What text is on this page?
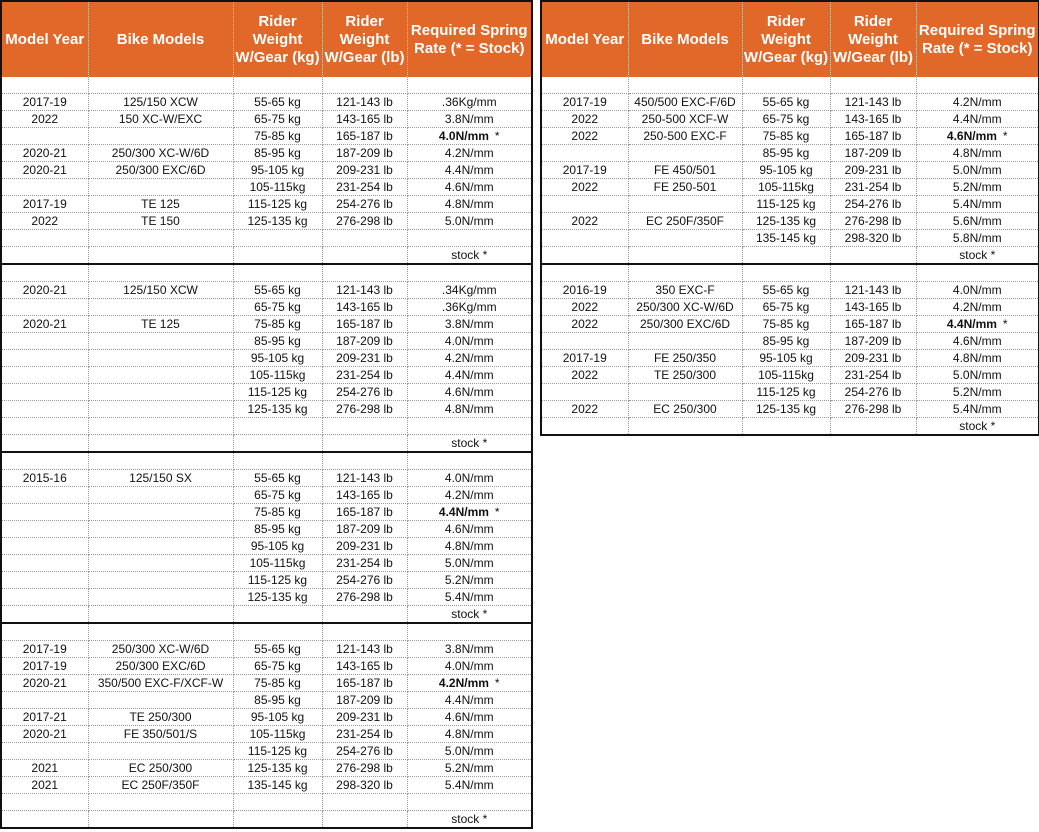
Model Year	Bike Models	Rider Weight W/Gear (kg)	Rider Weight W/Gear (lb)	Required Spring Rate (* = Stock)

2017-19	125/150 XCW	55-65 kg	121-143 lb	.36Kg/mm
2022	150 XC-W/EXC	65-75 kg	143-165 lb	3.8N/mm
		75-85 kg	165-187 lb	4.0N/mm *
2020-21	250/300 XC-W/6D	85-95 kg	187-209 lb	4.2N/mm
2020-21	250/300 EXC/6D	95-105 kg	209-231 lb	4.4N/mm
		105-115kg	231-254 lb	4.6N/mm
2017-19	TE 125	115-125 kg	254-276 lb	4.8N/mm
2022	TE 150	125-135 kg	276-298 lb	5.0N/mm

				stock *

2020-21	125/150 XCW	55-65 kg	121-143 lb	.34Kg/mm
		65-75 kg	143-165 lb	.36Kg/mm
2020-21	TE 125	75-85 kg	165-187 lb	3.8N/mm
		85-95 kg	187-209 lb	4.0N/mm
		95-105 kg	209-231 lb	4.2N/mm
		105-115kg	231-254 lb	4.4N/mm
		115-125 kg	254-276 lb	4.6N/mm
		125-135 kg	276-298 lb	4.8N/mm

				stock *

2015-16	125/150 SX	55-65 kg	121-143 lb	4.0N/mm
		65-75 kg	143-165 lb	4.2N/mm
		75-85 kg	165-187 lb	4.4N/mm *
		85-95 kg	187-209 lb	4.6N/mm
		95-105 kg	209-231 lb	4.8N/mm
		105-115kg	231-254 lb	5.0N/mm
		115-125 kg	254-276 lb	5.2N/mm
		125-135 kg	276-298 lb	5.4N/mm
				stock *

2017-19	250/300 XC-W/6D	55-65 kg	121-143 lb	3.8N/mm
2017-19	250/300 EXC/6D	65-75 kg	143-165 lb	4.0N/mm
2020-21	350/500 EXC-F/XCF-W	75-85 kg	165-187 lb	4.2N/mm *
		85-95 kg	187-209 lb	4.4N/mm
2017-21	TE 250/300	95-105 kg	209-231 lb	4.6N/mm
2020-21	FE 350/501/S	105-115kg	231-254 lb	4.8N/mm
		115-125 kg	254-276 lb	5.0N/mm
2021	EC 250/300	125-135 kg	276-298 lb	5.2N/mm
2021	EC 250F/350F	135-145 kg	298-320 lb	5.4N/mm

				stock *
Model Year	Bike Models	Rider Weight W/Gear (kg)	Rider Weight W/Gear (lb)	Required Spring Rate (* = Stock)

2017-19	450/500 EXC-F/6D	55-65 kg	121-143 lb	4.2N/mm
2022	250-500 XCF-W	65-75 kg	143-165 lb	4.4N/mm
2022	250-500 EXC-F	75-85 kg	165-187 lb	4.6N/mm *
		85-95 kg	187-209 lb	4.8N/mm
2017-19	FE 450/501	95-105 kg	209-231 lb	5.0N/mm
2022	FE 250-501	105-115kg	231-254 lb	5.2N/mm
		115-125 kg	254-276 lb	5.4N/mm
2022	EC 250F/350F	125-135 kg	276-298 lb	5.6N/mm
		135-145 kg	298-320 lb	5.8N/mm
				stock *

2016-19	350 EXC-F	55-65 kg	121-143 lb	4.0N/mm
2022	250/300 XC-W/6D	65-75 kg	143-165 lb	4.2N/mm
2022	250/300 EXC/6D	75-85 kg	165-187 lb	4.4N/mm *
		85-95 kg	187-209 lb	4.6N/mm
2017-19	FE 250/350	95-105 kg	209-231 lb	4.8N/mm
2022	TE 250/300	105-115kg	231-254 lb	5.0N/mm
		115-125 kg	254-276 lb	5.2N/mm
2022	EC 250/300	125-135 kg	276-298 lb	5.4N/mm
				stock *
